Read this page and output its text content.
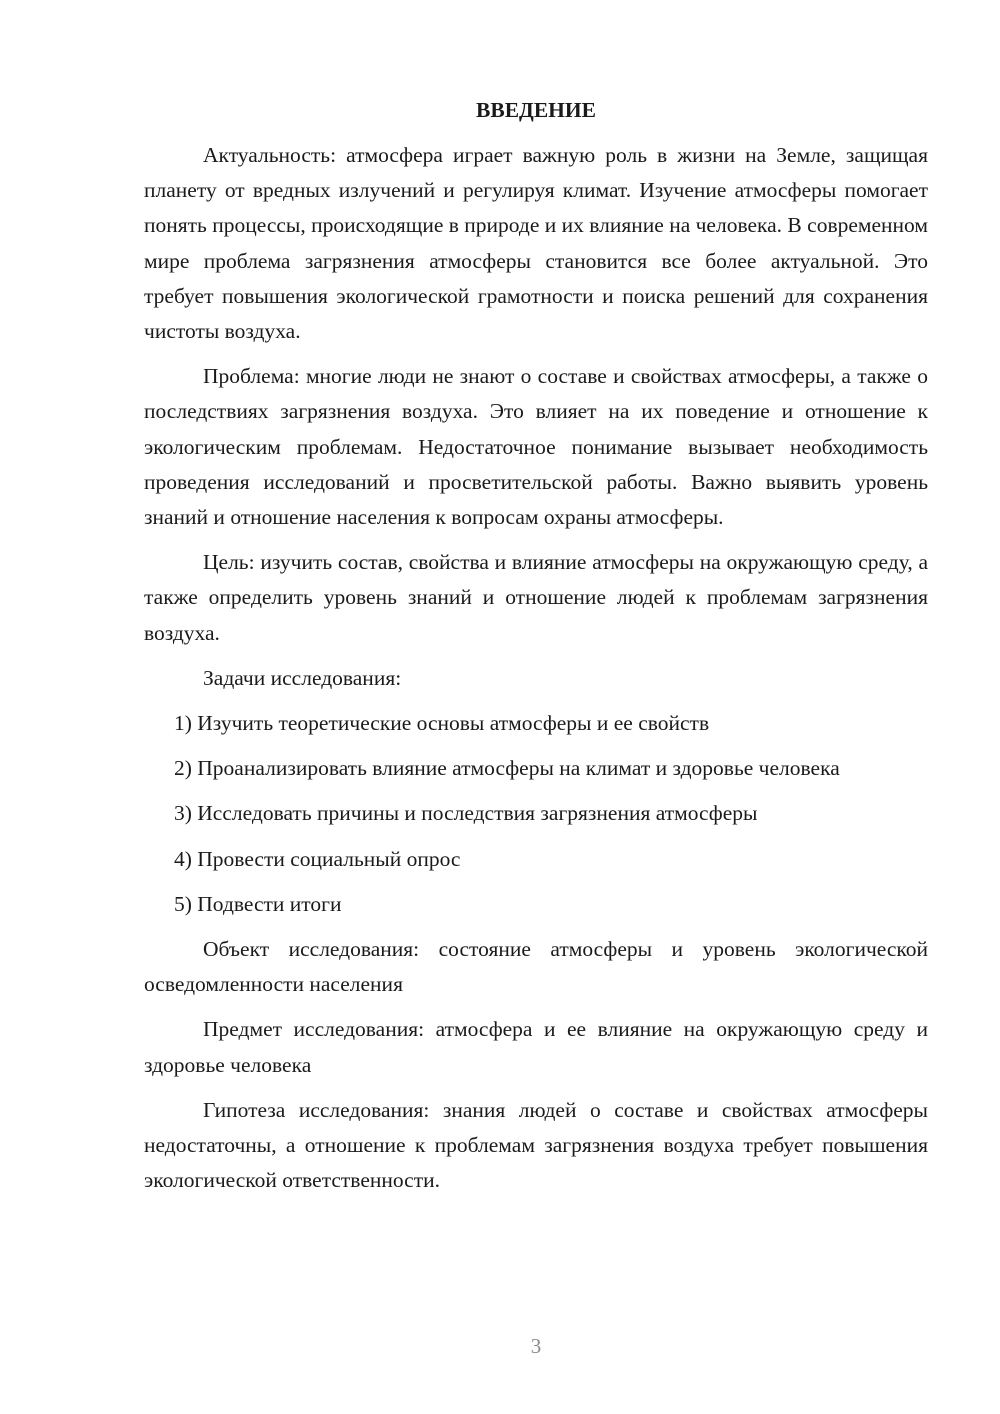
ВВЕДЕНИЕ

Актуальность: атмосфера играет важную роль в жизни на Земле, защищая планету от вредных излучений и регулируя климат. Изучение атмосферы помогает понять процессы, происходящие в природе и их влияние на человека. В современном мире проблема загрязнения атмосферы становится все более актуальной. Это требует повышения экологической грамотности и поиска решений для сохранения чистоты воздуха.

Проблема: многие люди не знают о составе и свойствах атмосферы, а также о последствиях загрязнения воздуха. Это влияет на их поведение и отношение к экологическим проблемам. Недостаточное понимание вызывает необходимость проведения исследований и просветительской работы. Важно выявить уровень знаний и отношение населения к вопросам охраны атмосферы.

Цель: изучить состав, свойства и влияние атмосферы на окружающую среду, а также определить уровень знаний и отношение людей к проблемам загрязнения воздуха.

Задачи исследования:

1) Изучить теоретические основы атмосферы и ее свойств

2) Проанализировать влияние атмосферы на климат и здоровье человека

3) Исследовать причины и последствия загрязнения атмосферы

4) Провести социальный опрос

5) Подвести итоги

Объект исследования: состояние атмосферы и уровень экологической осведомленности населения

Предмет исследования: атмосфера и ее влияние на окружающую среду и здоровье человека

Гипотеза исследования: знания людей о составе и свойствах атмосферы недостаточны, а отношение к проблемам загрязнения воздуха требует повышения экологической ответственности.

3
